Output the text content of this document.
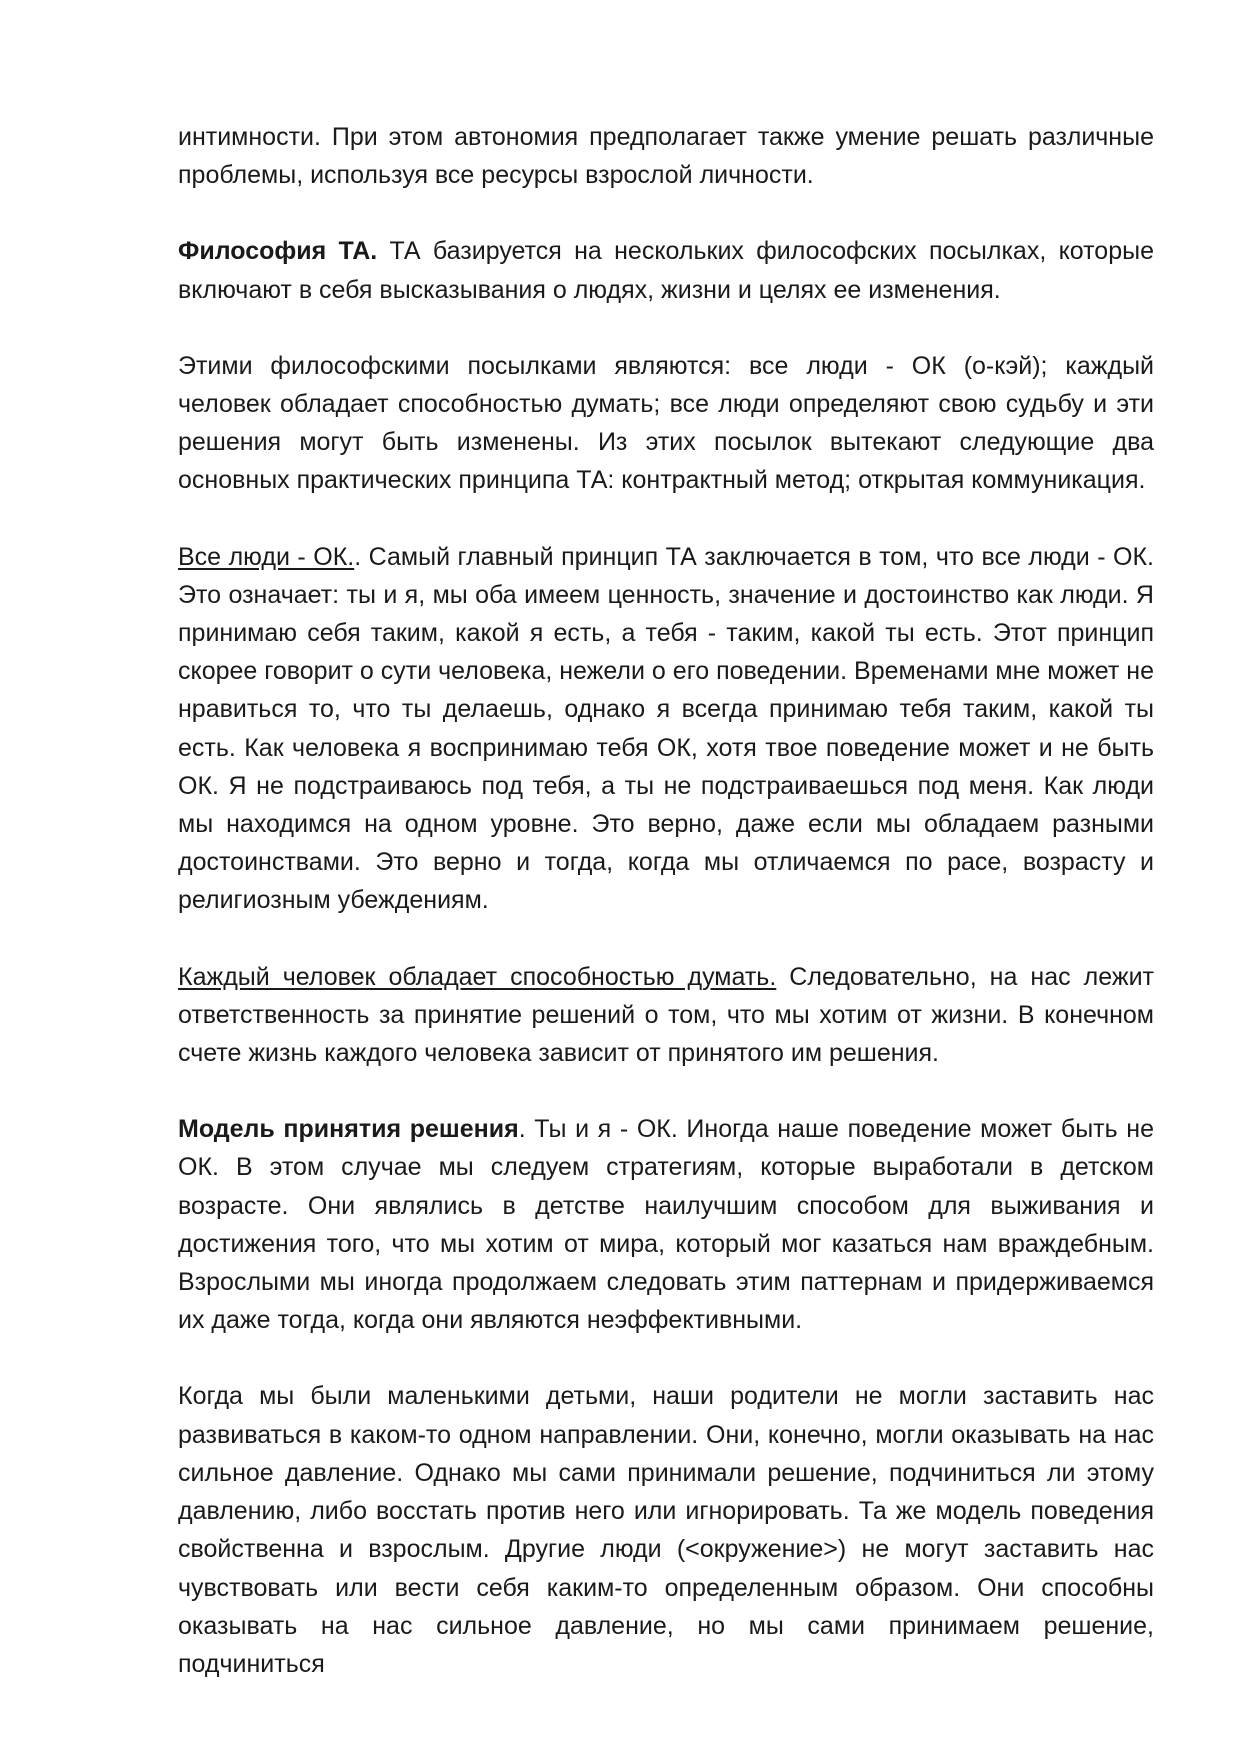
интимности. При этом автономия предполагает также умение решать различные проблемы, используя все ресурсы взрослой личности.

Философия ТА. ТА базируется на нескольких философских посылках, которые включают в себя высказывания о людях, жизни и целях ее изменения.

Этими философскими посылками являются: все люди - ОК (о-кэй); каждый человек обладает способностью думать; все люди определяют свою судьбу и эти решения могут быть изменены. Из этих посылок вытекают следующие два основных практических принципа ТА: контрактный метод; открытая коммуникация.

Все люди - ОК.. Самый главный принцип ТА заключается в том, что все люди - ОК. Это означает: ты и я, мы оба имеем ценность, значение и достоинство как люди. Я принимаю себя таким, какой я есть, а тебя - таким, какой ты есть. Этот принцип скорее говорит о сути человека, нежели о его поведении. Временами мне может не нравиться то, что ты делаешь, однако я всегда принимаю тебя таким, какой ты есть. Как человека я воспринимаю тебя ОК, хотя твое поведение может и не быть ОК. Я не подстраиваюсь под тебя, а ты не подстраиваешься под меня. Как люди мы находимся на одном уровне. Это верно, даже если мы обладаем разными достоинствами. Это верно и тогда, когда мы отличаемся по расе, возрасту и религиозным убеждениям.

Каждый человек обладает способностью думать. Следовательно, на нас лежит ответственность за принятие решений о том, что мы хотим от жизни. В конечном счете жизнь каждого человека зависит от принятого им решения.

Модель принятия решения. Ты и я - ОК. Иногда наше поведение может быть не ОК. В этом случае мы следуем стратегиям, которые выработали в детском возрасте. Они являлись в детстве наилучшим способом для выживания и достижения того, что мы хотим от мира, который мог казаться нам враждебным. Взрослыми мы иногда продолжаем следовать этим паттернам и придерживаемся их даже тогда, когда они являются неэффективными.

Когда мы были маленькими детьми, наши родители не могли заставить нас развиваться в каком-то одном направлении. Они, конечно, могли оказывать на нас сильное давление. Однако мы сами принимали решение, подчиниться ли этому давлению, либо восстать против него или игнорировать. Та же модель поведения свойственна и взрослым. Другие люди (<окружение>) не могут заставить нас чувствовать или вести себя каким-то определенным образом. Они способны оказывать на нас сильное давление, но мы сами принимаем решение, подчиниться
